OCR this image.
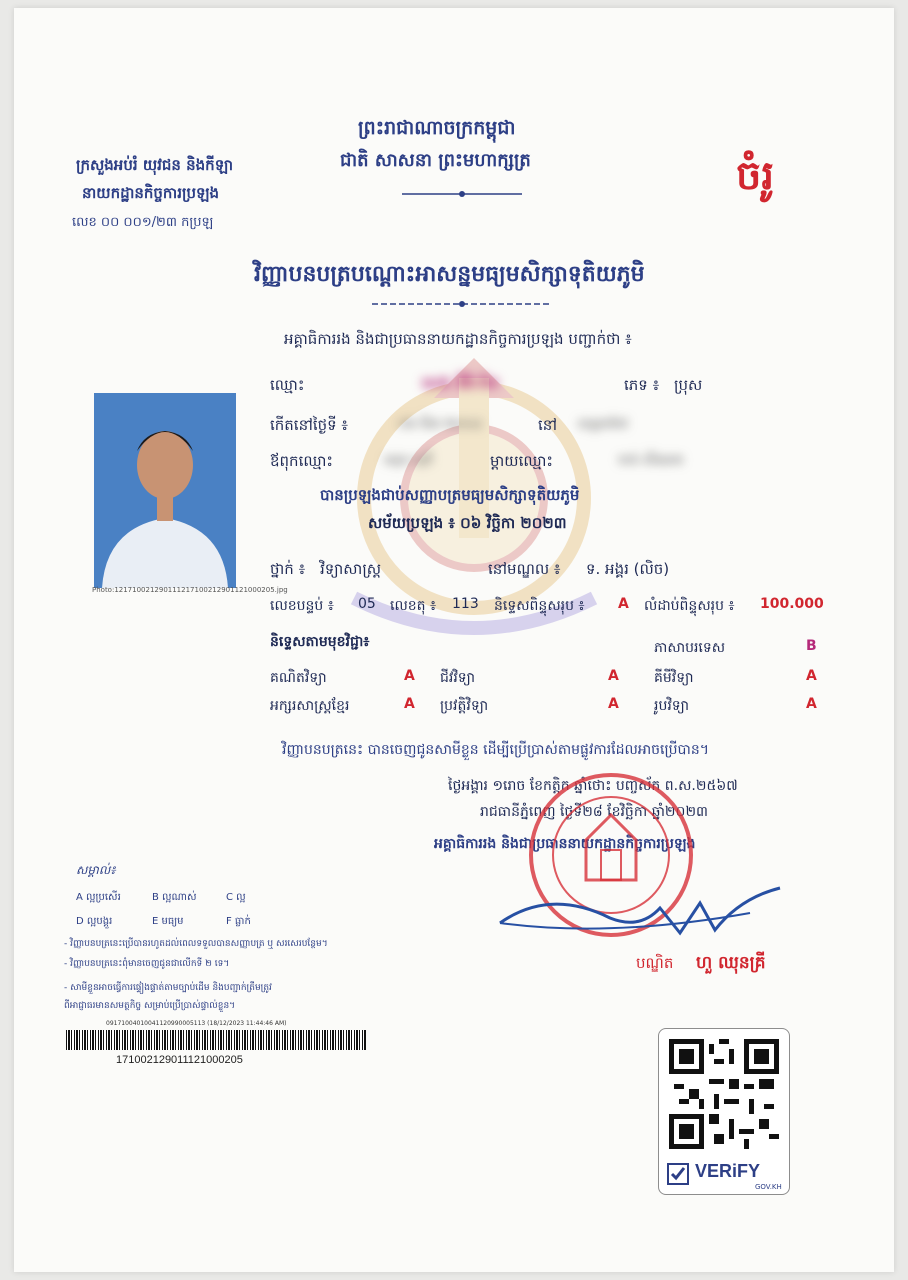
ព្រះរាជាណាចក្រកម្ពុជា
ជាតិ សាសនា ព្រះមហាក្សត្រ
ក្រសួងអប់រំ យុវជន និងកីឡា
នាយកដ្ឋានកិច្ចការប្រឡង
លេខ ០០ ០០១/២៣ កប្រឡ
ចំរូ
វិញ្ញាបនបត្របណ្ដោះអាសន្នមធ្យមសិក្សាទុតិយភូមិ
អគ្គាធិការរង និងជាប្រធាននាយកដ្ឋានកិច្ចការប្រឡង បញ្ជាក់ថា ៖
Photo:121710021290111217100212901121000205.jpg
ឈ្មោះ	សេង ឧិវីរៈខិម	ភេទ ៖ ប្រុស
កើតនៅថ្ងៃទី ៖	០៦ មីនា ២០០៤	នៅ ខេត្តតាកែវ
ឪពុកឈ្មោះ	ឈុន សុភី	ម្ដាយឈ្មោះ	ចាន់ សីណេត
បានប្រឡងជាប់សញ្ញាបត្រមធ្យមសិក្សាទុតិយភូមិ
សម័យប្រឡង ៖ ០៦ វិច្ឆិកា ២០២៣
ថ្នាក់ ៖ វិទ្យាសាស្ត្រ	នៅមណ្ឌល ៖ ទ. អង្គរ (លិច)
លេខបន្ទប់ ៖ 05 លេខតុ ៖ 113 និទ្ទេសពិន្ទុសរុប ៖ A លំដាប់ពិន្ទុសរុប ៖ 100.000
និទ្ទេសតាមមុខវិជ្ជា៖	ភាសាបរទេស	B
គណិតវិទ្យា	A ជីវវិទ្យា	A	គីមីវិទ្យា	A
អក្សរសាស្ត្រខ្មែរ	A ប្រវត្តិវិទ្យា	A	រូបវិទ្យា	A
វិញ្ញាបនបត្រនេះ បានចេញជូនសាមីខ្លួន ដើម្បីប្រើប្រាស់តាមផ្លូវការដែលអាចប្រើបាន។
ថ្ងៃអង្គារ ១រោច ខែកត្តិក ឆ្នាំថោះ បញ្ចស័ក ព.ស.២៥៦៧
រាជធានីភ្នំពេញ ថ្ងៃទី២៨ ខែវិច្ឆិកា ឆ្នាំ២០២៣
អគ្គាធិការរង និងជាប្រធាននាយកដ្ឋានកិច្ចការប្រឡង
បណ្ឌិត ហួ ឈុនគ្រី
សម្គាល់៖
A ល្អប្រសើរ	B ល្អណាស់	C ល្អ
D ល្អបង្គួរ	E មធ្យម	F ធ្លាក់
- វិញ្ញាបនបត្រនេះប្រើបានរហូតដល់ពេលទទួលបានសញ្ញាបត្រ ឬ សរសេរបន្ថែម។
- វិញ្ញាបនបត្រនេះពុំមានចេញជូនជាលើកទី ២ ទេ។
- សាមីខ្លួនអាចធ្វើការផ្ទៀងផ្ទាត់តាមច្បាប់ដើម និងបញ្ជាក់ត្រឹមត្រូវ
ពីអាជ្ញាធរមានសមត្ថកិច្ច សម្រាប់ប្រើប្រាស់ផ្ទាល់ខ្លួន។
09171004010041120990005113 (18/12/2023 11:44:46 AM)
17100212901112100020​5
VERiFY
GOV.KH
